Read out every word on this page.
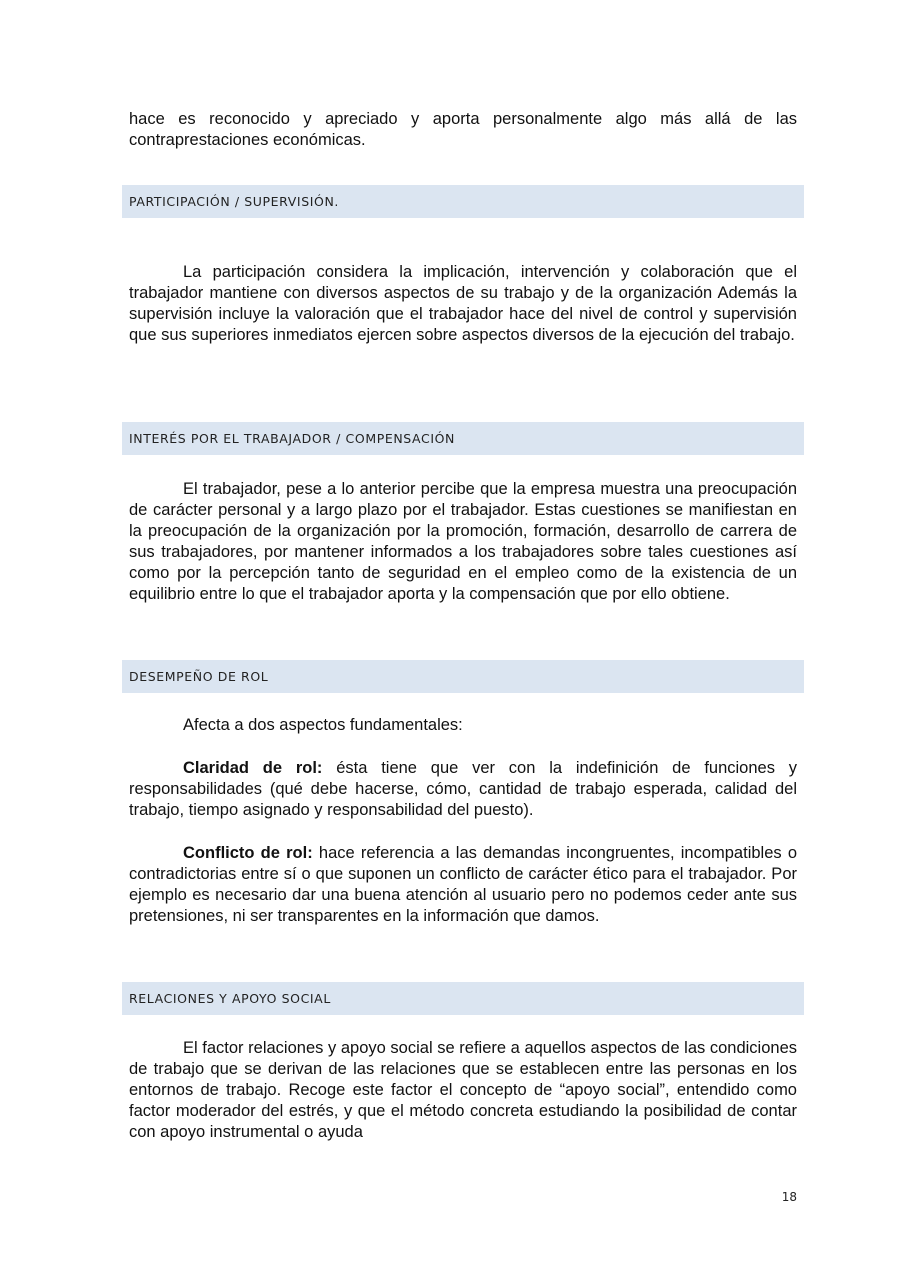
hace es reconocido y apreciado y aporta personalmente algo más allá de las contraprestaciones económicas.

PARTICIPACIÓN / SUPERVISIÓN.

La participación considera la implicación, intervención y colaboración que el trabajador mantiene con diversos aspectos de su trabajo y de la organización Además la supervisión incluye la valoración que el trabajador hace del nivel de control y supervisión que sus superiores inmediatos ejercen sobre aspectos diversos de la ejecución del trabajo.

INTERÉS POR EL TRABAJADOR / COMPENSACIÓN

El trabajador, pese a lo anterior percibe que la empresa muestra una preocupación de carácter personal y a largo plazo por el trabajador. Estas cuestiones se manifiestan en la preocupación de la organización por la promoción, formación, desarrollo de carrera de sus trabajadores, por mantener informados a los trabajadores sobre tales cuestiones así como por la percepción tanto de seguridad en el empleo como de la existencia de un equilibrio entre lo que el trabajador aporta y la compensación que por ello obtiene.

DESEMPEÑO DE ROL

Afecta a dos aspectos fundamentales:

Claridad de rol: ésta tiene que ver con la indefinición de funciones y responsabilidades (qué debe hacerse, cómo, cantidad de trabajo esperada, calidad del trabajo, tiempo asignado y responsabilidad del puesto).

Conflicto de rol: hace referencia a las demandas incongruentes, incompatibles o contradictorias entre sí o que suponen un conflicto de carácter ético para el trabajador. Por ejemplo es necesario dar una buena atención al usuario pero no podemos ceder ante sus pretensiones, ni ser transparentes en la información que damos.

RELACIONES Y APOYO SOCIAL

El factor relaciones y apoyo social se refiere a aquellos aspectos de las condiciones de trabajo que se derivan de las relaciones que se establecen entre las personas en los entornos de trabajo. Recoge este factor el concepto de “apoyo social”, entendido como factor moderador del estrés, y que el método concreta estudiando la posibilidad de contar con apoyo instrumental o ayuda

18
